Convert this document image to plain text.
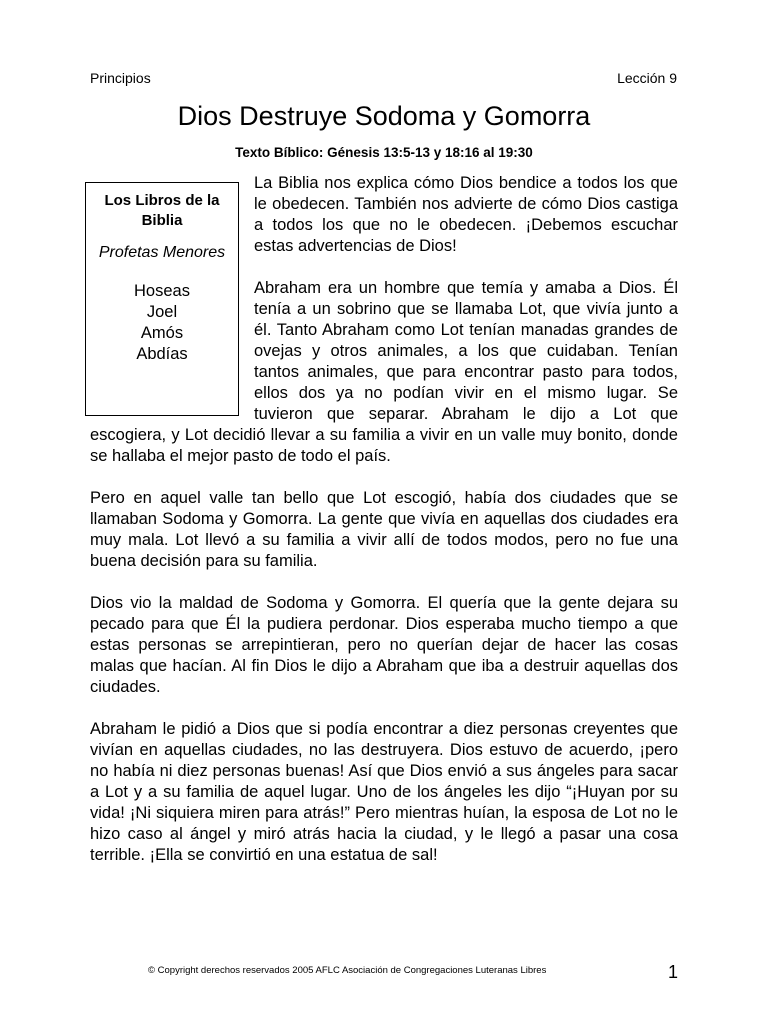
Principios	Lección 9
Dios Destruye Sodoma y Gomorra
Texto Bíblico: Génesis 13:5-13 y 18:16 al 19:30
Los Libros de la Biblia
Profetas Menores
Hoseas
Joel
Amós
Abdías

La Biblia nos explica cómo Dios bendice a todos los que le obedecen. También nos advierte de cómo Dios castiga a todos los que no le obedecen. ¡Debemos escuchar estas advertencias de Dios!

Abraham era un hombre que temía y amaba a Dios. Él tenía a un sobrino que se llamaba Lot, que vivía junto a él. Tanto Abraham como Lot tenían manadas grandes de ovejas y otros animales, a los que cuidaban. Tenían tantos animales, que para encontrar pasto para todos, ellos dos ya no podían vivir en el mismo lugar. Se tuvieron que separar. Abraham le dijo a Lot que escogiera, y Lot decidió llevar a su familia a vivir en un valle muy bonito, donde se hallaba el mejor pasto de todo el país.

Pero en aquel valle tan bello que Lot escogió, había dos ciudades que se llamaban Sodoma y Gomorra. La gente que vivía en aquellas dos ciudades era muy mala. Lot llevó a su familia a vivir allí de todos modos, pero no fue una buena decisión para su familia.

Dios vio la maldad de Sodoma y Gomorra. El quería que la gente dejara su pecado para que Él la pudiera perdonar. Dios esperaba mucho tiempo a que estas personas se arrepintieran, pero no querían dejar de hacer las cosas malas que hacían. Al fin Dios le dijo a Abraham que iba a destruir aquellas dos ciudades.

Abraham le pidió a Dios que si podía encontrar a diez personas creyentes que vivían en aquellas ciudades, no las destruyera. Dios estuvo de acuerdo, ¡pero no había ni diez personas buenas! Así que Dios envió a sus ángeles para sacar a Lot y a su familia de aquel lugar. Uno de los ángeles les dijo “¡Huyan por su vida! ¡Ni siquiera miren para atrás!” Pero mientras huían, la esposa de Lot no le hizo caso al ángel y miró atrás hacia la ciudad, y le llegó a pasar una cosa terrible. ¡Ella se convirtió en una estatua de sal!

© Copyright derechos reservados 2005 AFLC Asociación de Congregaciones Luteranas Libres	1
